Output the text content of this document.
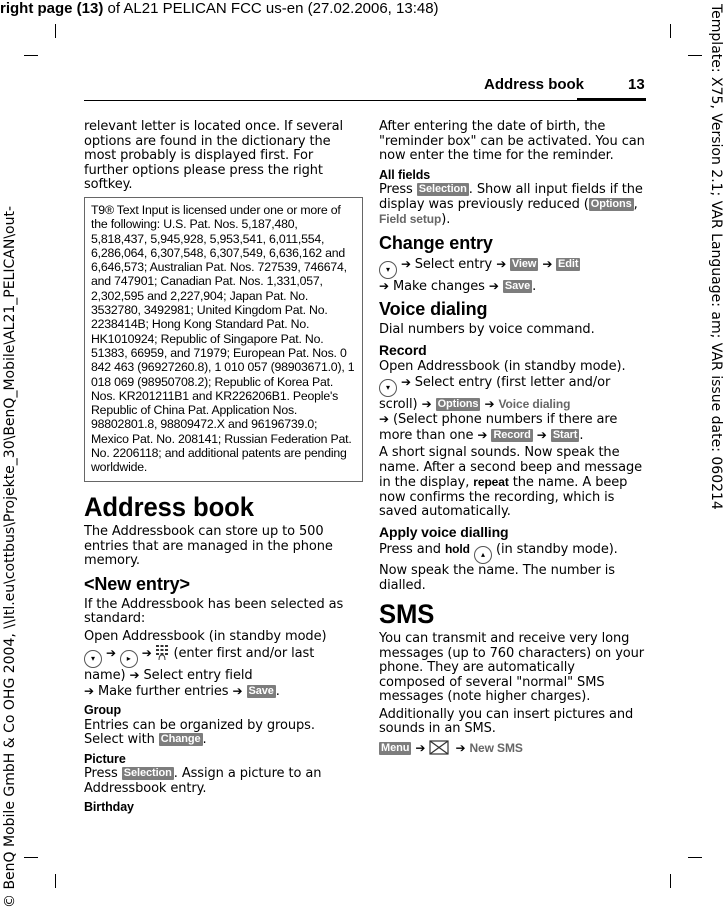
right page (13) of AL21 PELICAN FCC us-en (27.02.2006, 13:48)	Template: X75, Version 2.1; VAR Language: am; VAR issue date: 060214
© BenQ Mobile GmbH & Co OHG 2004, \\Itl.eu\cottbus\Projekte_30\BenQ_Mobile\AL21_PELICAN\out-
Address book	13

relevant letter is located once. If several options are found in the dictionary the most probably is displayed first. For further options please press the right softkey.

T9® Text Input is licensed under one or more of the following: U.S. Pat. Nos. 5,187,480, 5,818,437, 5,945,928, 5,953,541, 6,011,554, 6,286,064, 6,307,548, 6,307,549, 6,636,162 and 6,646,573; Australian Pat. Nos. 727539, 746674, and 747901; Canadian Pat. Nos. 1,331,057, 2,302,595 and 2,227,904; Japan Pat. No. 3532780, 3492981; United Kingdom Pat. No. 2238414B; Hong Kong Standard Pat. No. HK1010924; Republic of Singapore Pat. No. 51383, 66959, and 71979; European Pat. Nos. 0 842 463 (96927260.8), 1 010 057 (98903671.0), 1 018 069 (98950708.2); Republic of Korea Pat. Nos. KR201211B1 and KR226206B1. People's Republic of China Pat. Application Nos. 98802801.8, 98809472.X and 96196739.0; Mexico Pat. No. 208141; Russian Federation Pat. No. 2206118; and additional patents are pending worldwide.
Address book

The Addressbook can store up to 500 entries that are managed in the phone memory.

<New entry>

If the Addressbook has been selected as standard:

Open Addressbook (in standby mode)
▾ ➔ ▸ ➔  (enter first and/or last name) ➔ Select entry field
➔ Make further entries ➔ Save .

Group

Entries can be organized by groups. Select with Change .

Picture

Press Selection . Assign a picture to an Addressbook entry.

Birthday

After entering the date of birth, the "reminder box" can be activated. You can now enter the time for the reminder.

All fields

Press Selection . Show all input fields if the display was previously reduced ( Options , Field setup).

Change entry

▾ ➔ Select entry ➔ View ➔ Edit
➔ Make changes ➔ Save .

Voice dialing

Dial numbers by voice command.

Record

Open Addressbook (in standby mode).
▾ ➔ Select entry (first letter and/or scroll) ➔ Options ➔ Voice dialing
➔ (Select phone numbers if there are more than one ➔ Record ➔ Start .

A short signal sounds. Now speak the name. After a second beep and message in the display, repeat the name. A beep now confirms the recording, which is saved automatically.

Apply voice dialling

Press and hold ▴ (in standby mode). Now speak the name. The number is dialled.

SMS

You can transmit and receive very long messages (up to 760 characters) on your phone. They are automatically composed of several "normal" SMS messages (note higher charges).

Additionally you can insert pictures and sounds in an SMS.

Menu ➔	➔ New SMS
